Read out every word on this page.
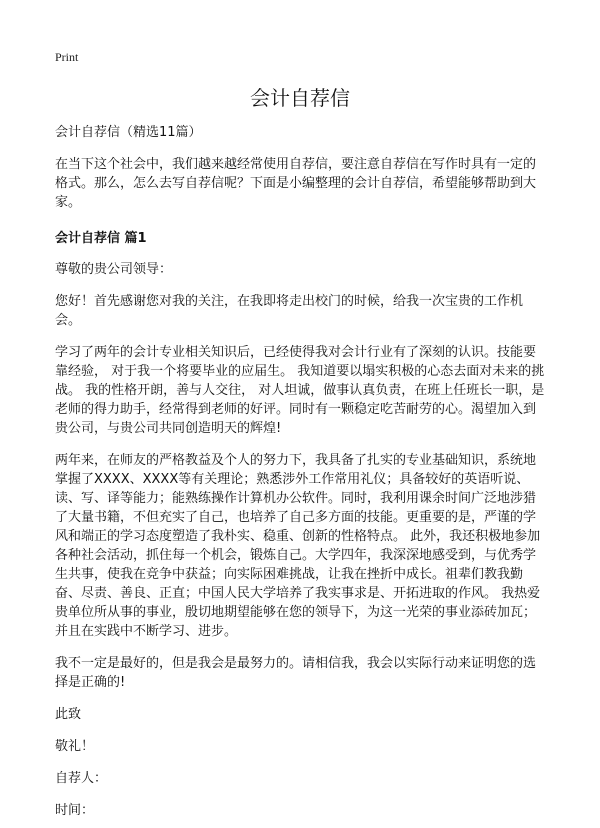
Print
会计自荐信

会计自荐信（精选11篇）

在当下这个社会中，我们越来越经常使用自荐信，要注意自荐信在写作时具有一定的格式。那么，怎么去写自荐信呢？下面是小编整理的会计自荐信，希望能够帮助到大家。

会计自荐信 篇1

尊敬的贵公司领导：

您好！首先感谢您对我的关注，在我即将走出校门的时候，给我一次宝贵的工作机会。

学习了两年的会计专业相关知识后，已经使得我对会计行业有了深刻的认识。技能要靠经验， 对于我一个将要毕业的应届生。 我知道要以塌实积极的心态去面对未来的挑战。 我的性格开朗，善与人交往， 对人坦诚，做事认真负责，在班上任班长一职，是老师的得力助手，经常得到老师的好评。同时有一颗稳定吃苦耐劳的心。渴望加入到贵公司，与贵公司共同创造明天的辉煌!

两年来，在师友的严格教益及个人的努力下，我具备了扎实的专业基础知识，系统地掌握了XXXX、XXXX等有关理论；熟悉涉外工作常用礼仪；具备较好的英语听说、读、写、译等能力；能熟练操作计算机办公软件。同时，我利用课余时间广泛地涉猎了大量书籍，不但充实了自己，也培养了自己多方面的技能。更重要的是，严谨的学风和端正的学习态度塑造了我朴实、稳重、创新的性格特点。 此外，我还积极地参加各种社会活动，抓住每一个机会，锻炼自己。大学四年，我深深地感受到，与优秀学生共事，使我在竞争中获益；向实际困难挑战，让我在挫折中成长。祖辈们教我勤奋、尽责、善良、正直；中国人民大学培养了我实事求是、开拓进取的作风。 我热爱贵单位所从事的事业，殷切地期望能够在您的领导下，为这一光荣的事业添砖加瓦；并且在实践中不断学习、进步。

我不一定是最好的，但是我会是最努力的。请相信我，我会以实际行动来证明您的选择是正确的!

此致

敬礼！

自荐人：

时间：
